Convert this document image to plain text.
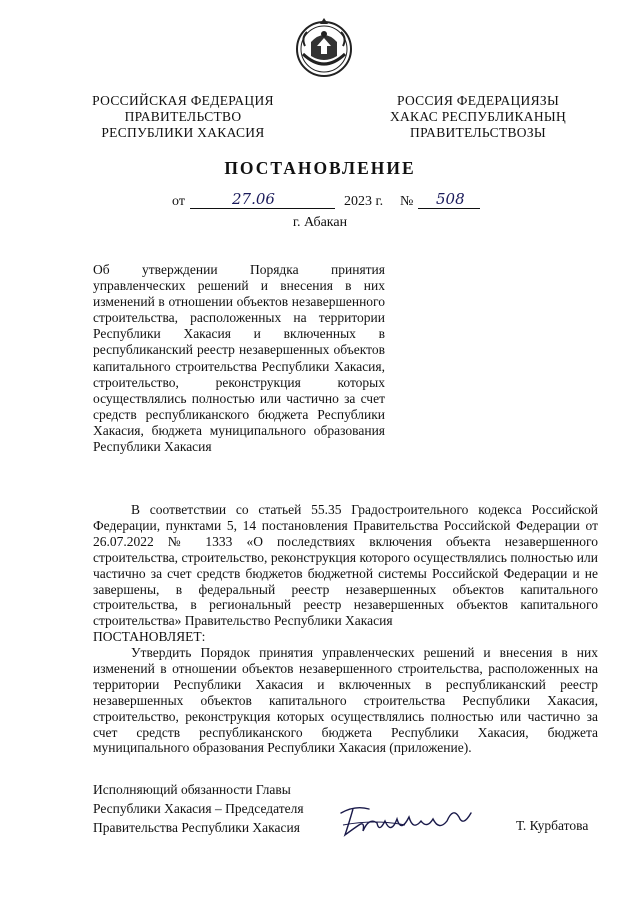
РОССИЙСКАЯ ФЕДЕРАЦИЯ
ПРАВИТЕЛЬСТВО
РЕСПУБЛИКИ ХАКАСИЯ
РОССИЯ ФЕДЕРАЦИЯЗЫ
ХАКАС РЕСПУБЛИКАНЫҢ
ПРАВИТЕЛЬСТВОЗЫ
ПОСТАНОВЛЕНИЕ
от	27.06	2023 г. № 508
г. Абакан
Об утверждении Порядка принятия управленческих решений и внесения в них изменений в отношении объектов незавершенного строительства, расположенных на территории Республики Хакасия и включенных в республиканский реестр незавершенных объектов капитального строительства Республики Хакасия, строительство, реконструкция которых осуществлялись полностью или частично за счет средств республиканского бюджета Республики Хакасия, бюджета муниципального образования Республики Хакасия
В соответствии со статьей 55.35 Градостроительного кодекса Российской Федерации, пунктами 5, 14 постановления Правительства Российской Федерации от 26.07.2022 № 1333 «О последствиях включения объекта незавершенного строительства, строительство, реконструкция которого осуществлялись полностью или частично за счет средств бюджетов бюджетной системы Российской Федерации и не завершены, в федеральный реестр незавершенных объектов капитального строительства, в региональный реестр незавершенных объектов капитального строительства» Правительство Республики Хакасия
ПОСТАНОВЛЯЕТ:
Утвердить Порядок принятия управленческих решений и внесения в них изменений в отношении объектов незавершенного строительства, расположенных на территории Республики Хакасия и включенных в республиканский реестр незавершенных объектов капитального строительства Республики Хакасия, строительство, реконструкция которых осуществлялись полностью или частично за счет средств республиканского бюджета Республики Хакасия, бюджета муниципального образования Республики Хакасия (приложение).
Исполняющий обязанности Главы
Республики Хакасия – Председателя
Правительства Республики Хакасия	Т. Курбатова
